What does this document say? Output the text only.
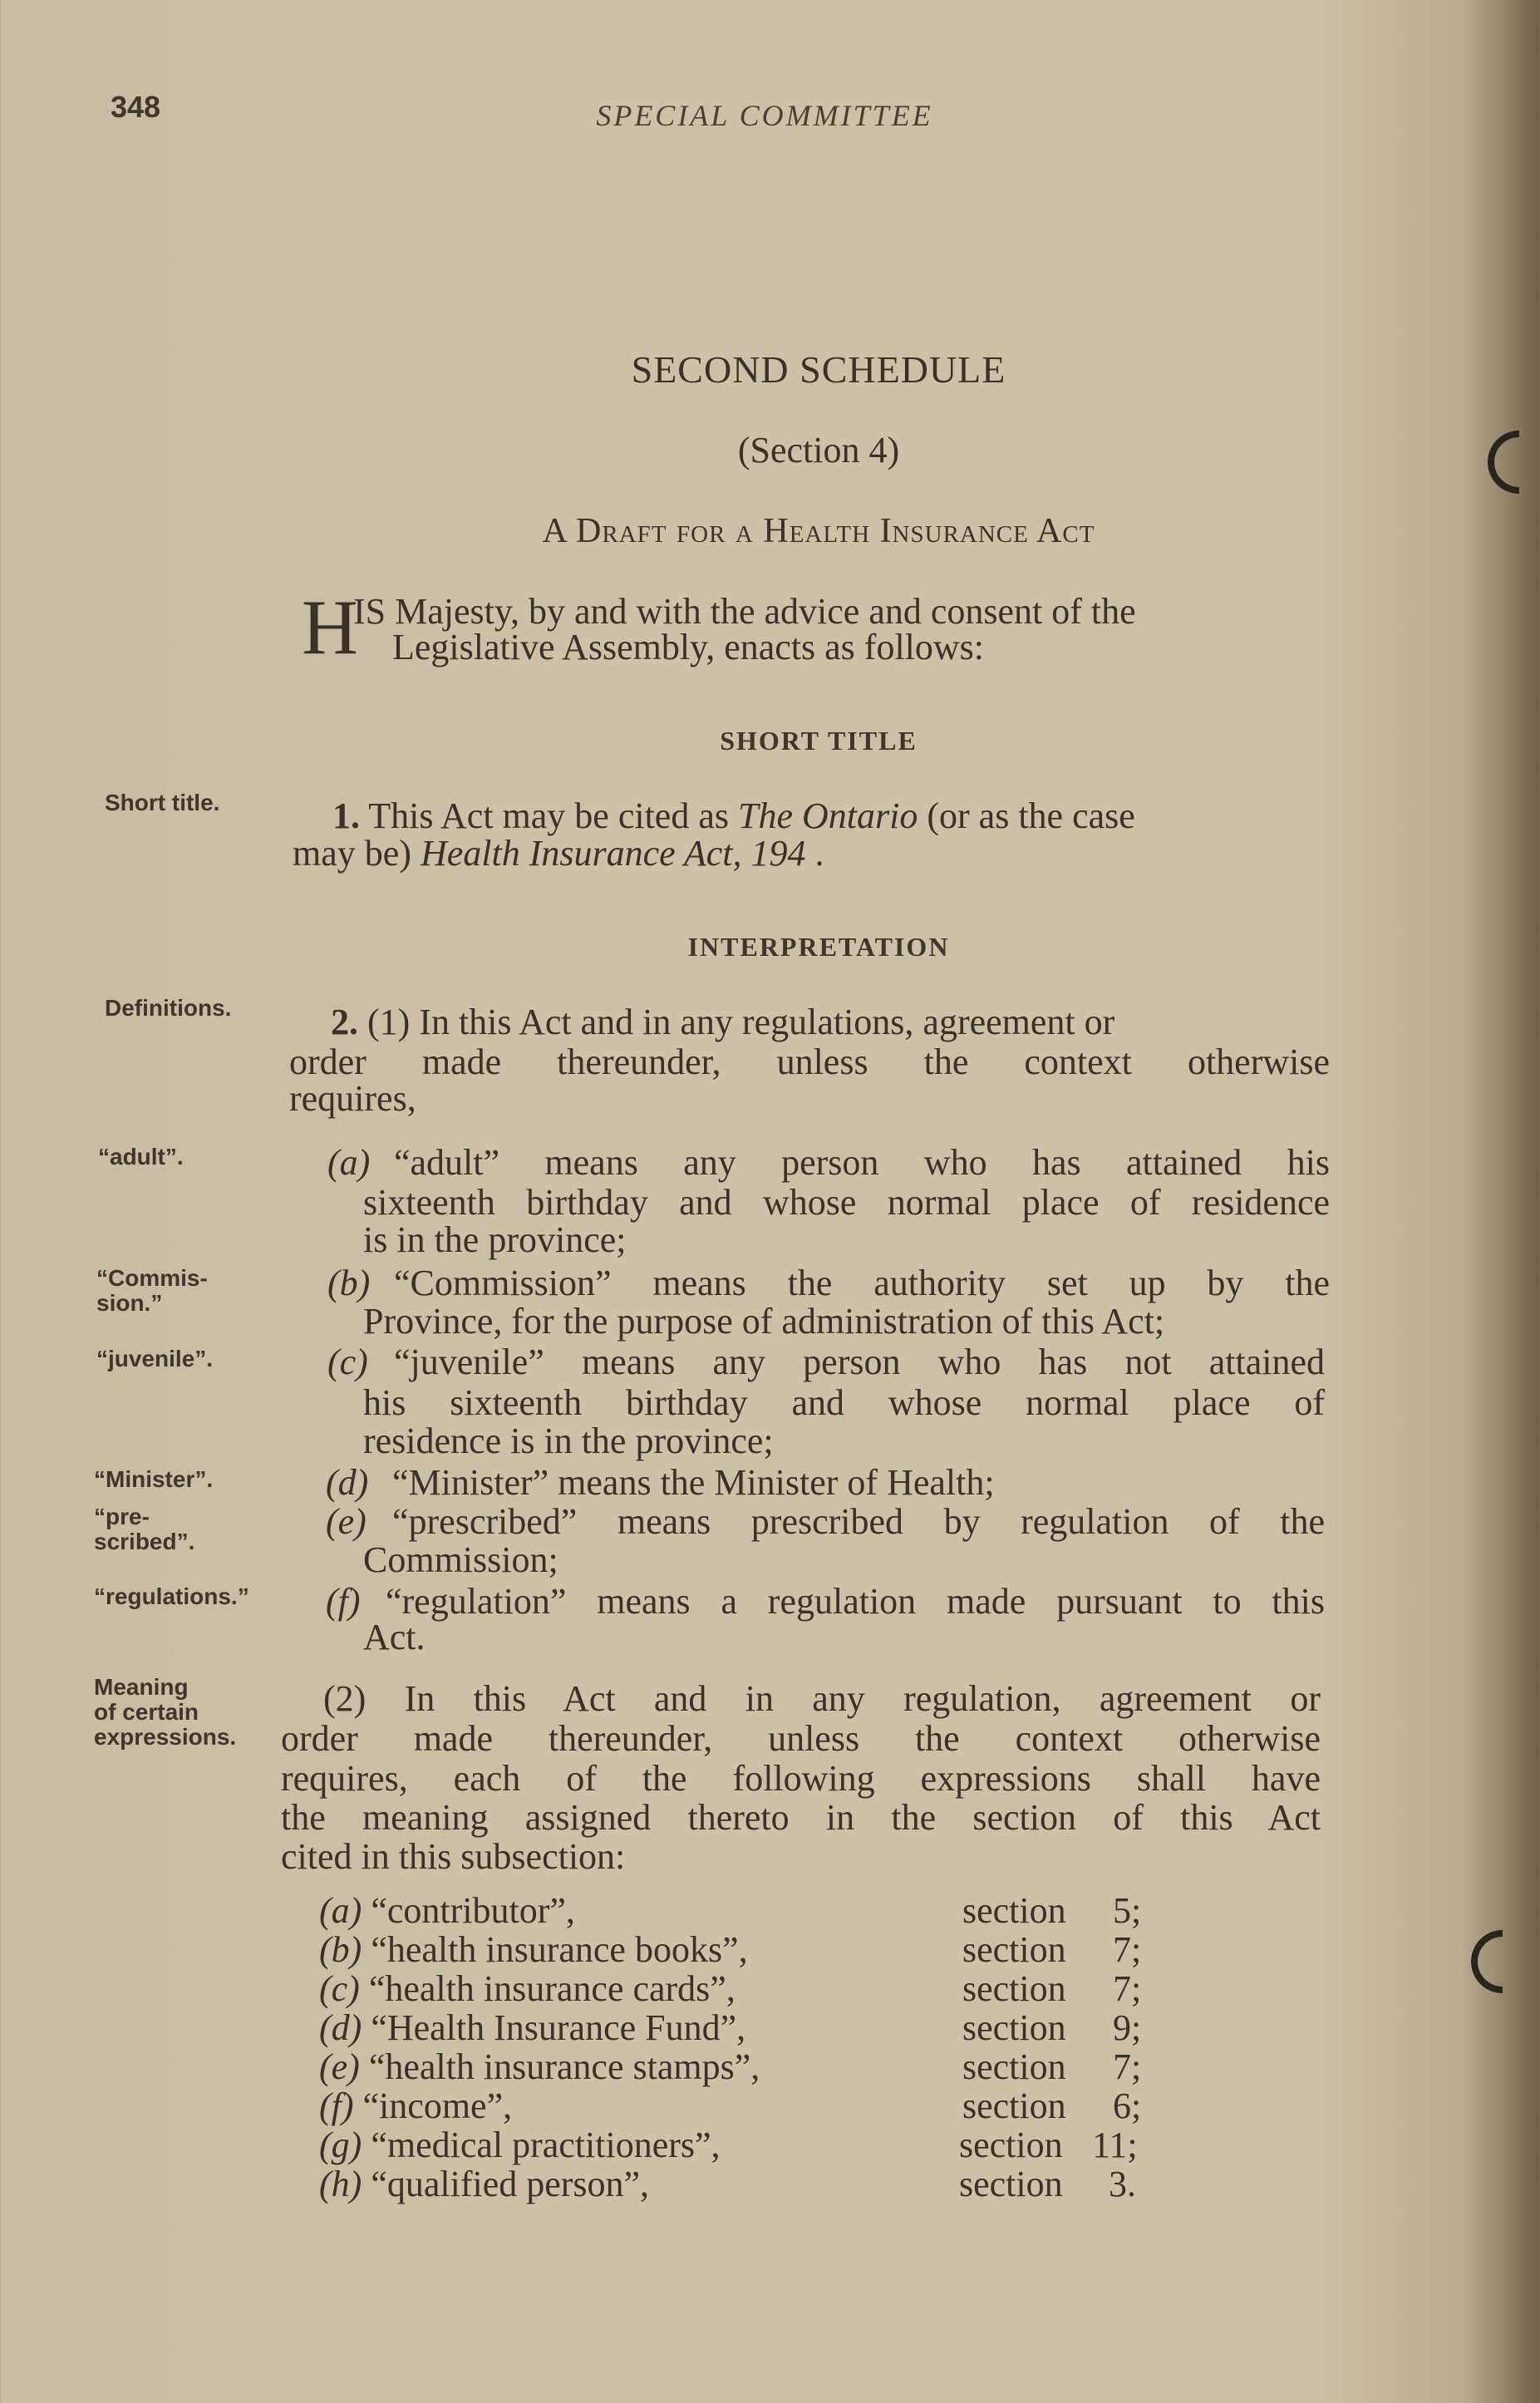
348	SPECIAL COMMITTEE
SECOND SCHEDULE
(Section 4)
A Draft for a Health Insurance Act
H
IS Majesty, by and with the advice and consent of the
Legislative Assembly, enacts as follows:
SHORT TITLE
Short title.	1. This Act may be cited as The Ontario (or as the case
may be) Health Insurance Act, 194 .
INTERPRETATION
Definitions.	2. (1) In this Act and in any regulations, agreement or
order made thereunder, unless the context otherwise
requires,
“adult”.	(a) “adult” means any person who has attained his
sixteenth birthday and whose normal place of residence
is in the province;
“Commis-
sion.”	(b) “Commission” means the authority set up by the
Province, for the purpose of administration of this Act;
“juvenile”.	(c) “juvenile” means any person who has not attained
his sixteenth birthday and whose normal place of
residence is in the province;
“Minister”.	(d) “Minister” means the Minister of Health;
“pre-
scribed”.	(e) “prescribed” means prescribed by regulation of the
Commission;
“regulations.” (f) “regulation” means a regulation made pursuant to this
Act.
Meaning
of certain
expressions.
(2) In this Act and in any regulation, agreement or
order made thereunder, unless the context otherwise
requires, each of the following expressions shall have
the meaning assigned thereto in the section of this Act
cited in this subsection:
(a) “contributor”,	section 5;
(b) “health insurance books”,	section 7;
(c) “health insurance cards”,	section 7;
(d) “Health Insurance Fund”,	section 9;
(e) “health insurance stamps”,	section 7;
(f) “income”,	section 6;
(g) “medical practitioners”,	section 11;
(h) “qualified person”,	section 3.
